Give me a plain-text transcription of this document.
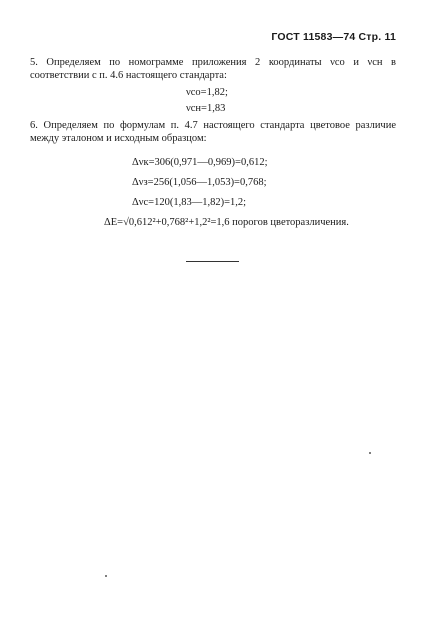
ГОСТ 11583—74 Стр. 11
5. Определяем по номограмме приложения 2 координаты νсо и νсн в соответствии с п. 4.6 настоящего стандарта:
νсо=1,82;
νсн=1,83
6. Определяем по формулам п. 4.7 настоящего стандарта цветовое различие между эталоном и исходным образцом:
Δνк=306(0,971—0,969)=0,612;
Δνз=256(1,056—1,053)=0,768;
Δνс=120(1,83—1,82)=1,2;
ΔE=√0,612²+0,768²+1,2²=1,6 порогов цветоразличения.
